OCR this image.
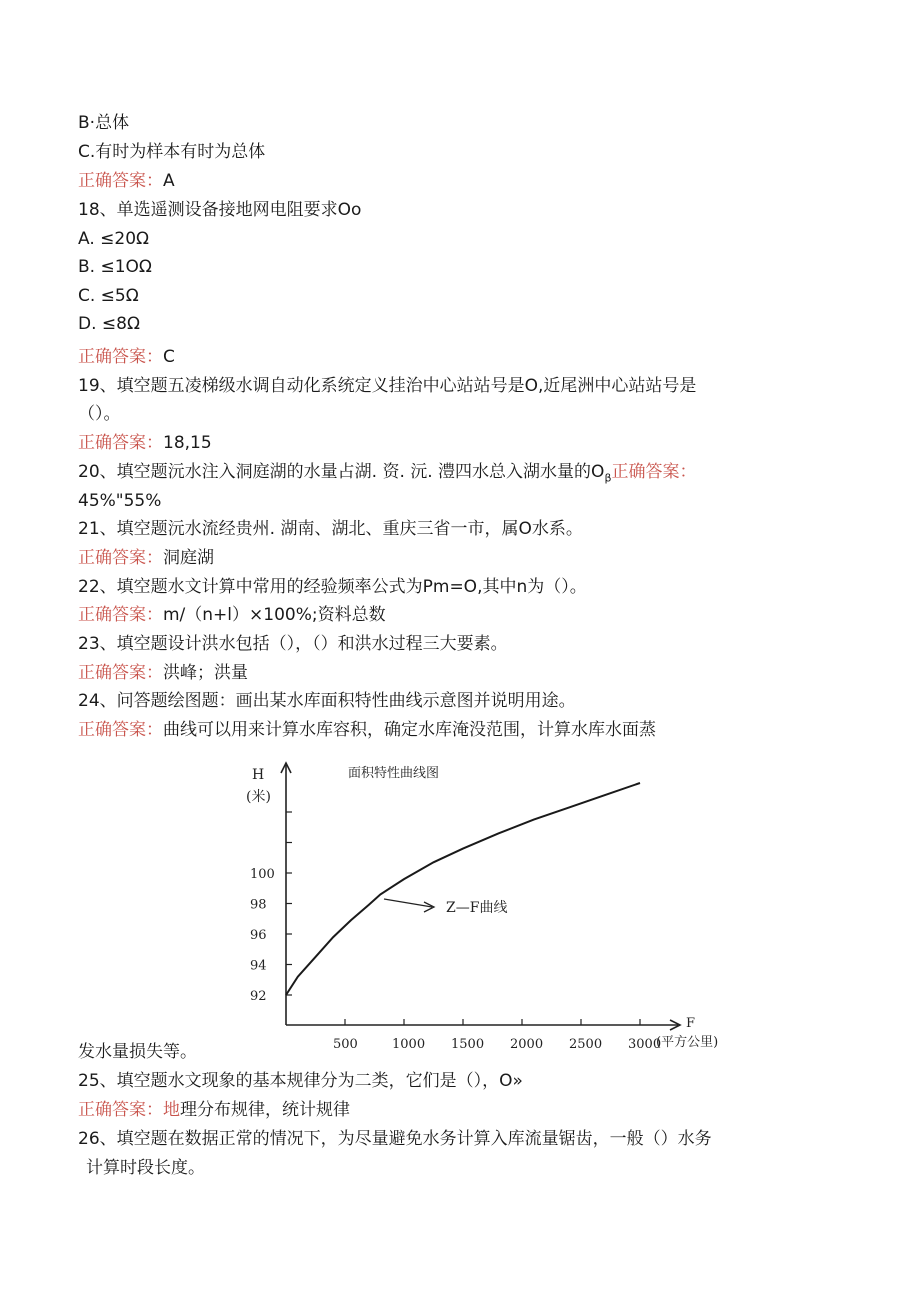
B·总体
C.有时为样本有时为总体
正确答案：A
18、单选遥测设备接地网电阻要求Oo
A. ≤20Ω
B. ≤1OΩ
C. ≤5Ω
D. ≤8Ω
正确答案：C
19、填空题五凌梯级水调自动化系统定义挂治中心站站号是O,近尾洲中心站站号是
（）。
正确答案：18,15
20、填空题沅水注入洞庭湖的水量占湖. 资. 沅. 澧四水总入湖水量的$O_\beta$正确答案：
45%"55%
21、填空题沅水流经贵州. 湖南、湖北、重庆三省一市，属O水系。
正确答案：洞庭湖
22、填空题水文计算中常用的经验频率公式为Pm=O,其中n为（）。
正确答案：m/（n+l）×100%;资料总数
23、填空题设计洪水包括（），（）和洪水过程三大要素。
正确答案：洪峰；洪量
24、问答题绘图题：画出某水库面积特性曲线示意图并说明用途。
正确答案：曲线可以用来计算水库容积，确定水库淹没范围，计算水库水面蒸
500	1000 1500 2000 2500 3000
92
94
96
98
100
H
(米)
面积特性曲线图
F
(平方公里)
Z—F曲线
发水量损失等。
25、填空题水文现象的基本规律分为二类，它们是（），O»
正确答案：地理分布规律，统计规律
26、填空题在数据正常的情况下，为尽量避免水务计算入库流量锯齿，一般（）水务
计算时段长度。
